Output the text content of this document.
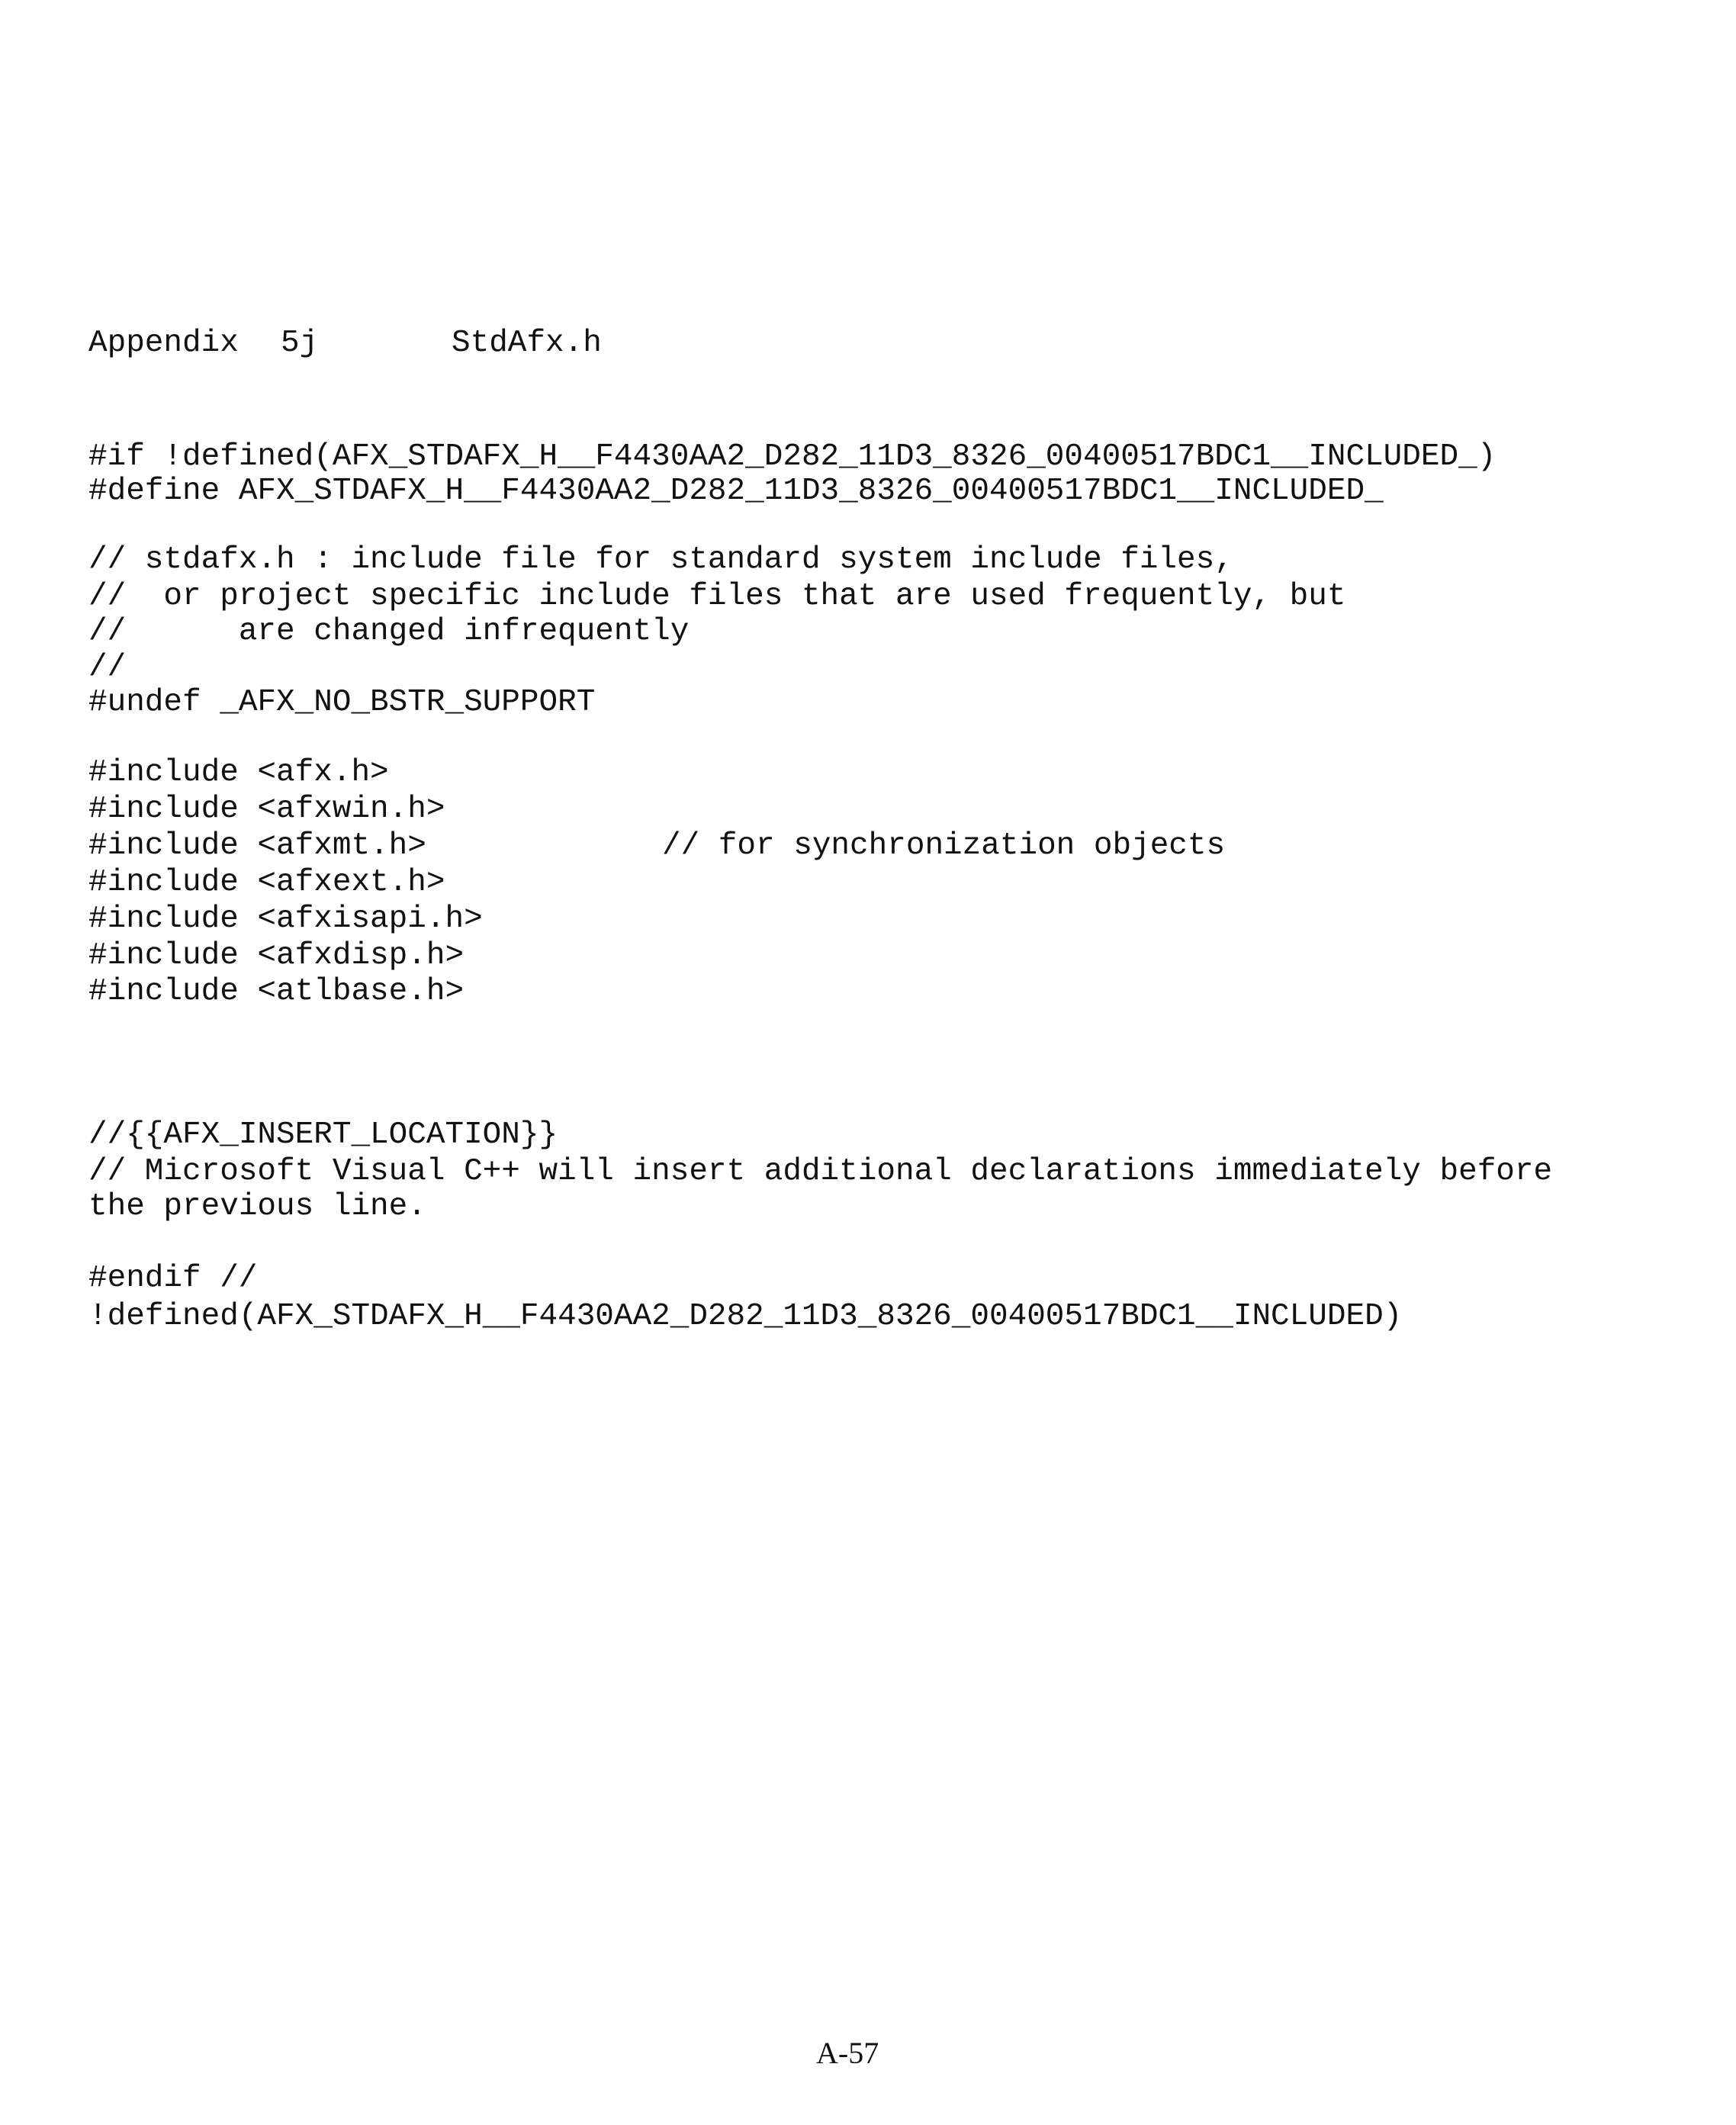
Appendix 5j	StdAfx.h
#if !defined(AFX_STDAFX_H__F4430AA2_D282_11D3_8326_00400517BDC1__INCLUDED_)
#define AFX_STDAFX_H__F4430AA2_D282_11D3_8326_00400517BDC1__INCLUDED_
// stdafx.h : include file for standard system include files,
//  or project specific include files that are used frequently, but
//      are changed infrequently
//
#undef _AFX_NO_BSTR_SUPPORT
#include <afx.h>
#include <afxwin.h>
#include <afxmt.h>	// for synchronization objects
#include <afxext.h>
#include <afxisapi.h>
#include <afxdisp.h>
#include <atlbase.h>
//{{AFX_INSERT_LOCATION}}
// Microsoft Visual C++ will insert additional declarations immediately before
the previous line.
#endif //
!defined(AFX_STDAFX_H__F4430AA2_D282_11D3_8326_00400517BDC1__INCLUDED)
A-57
